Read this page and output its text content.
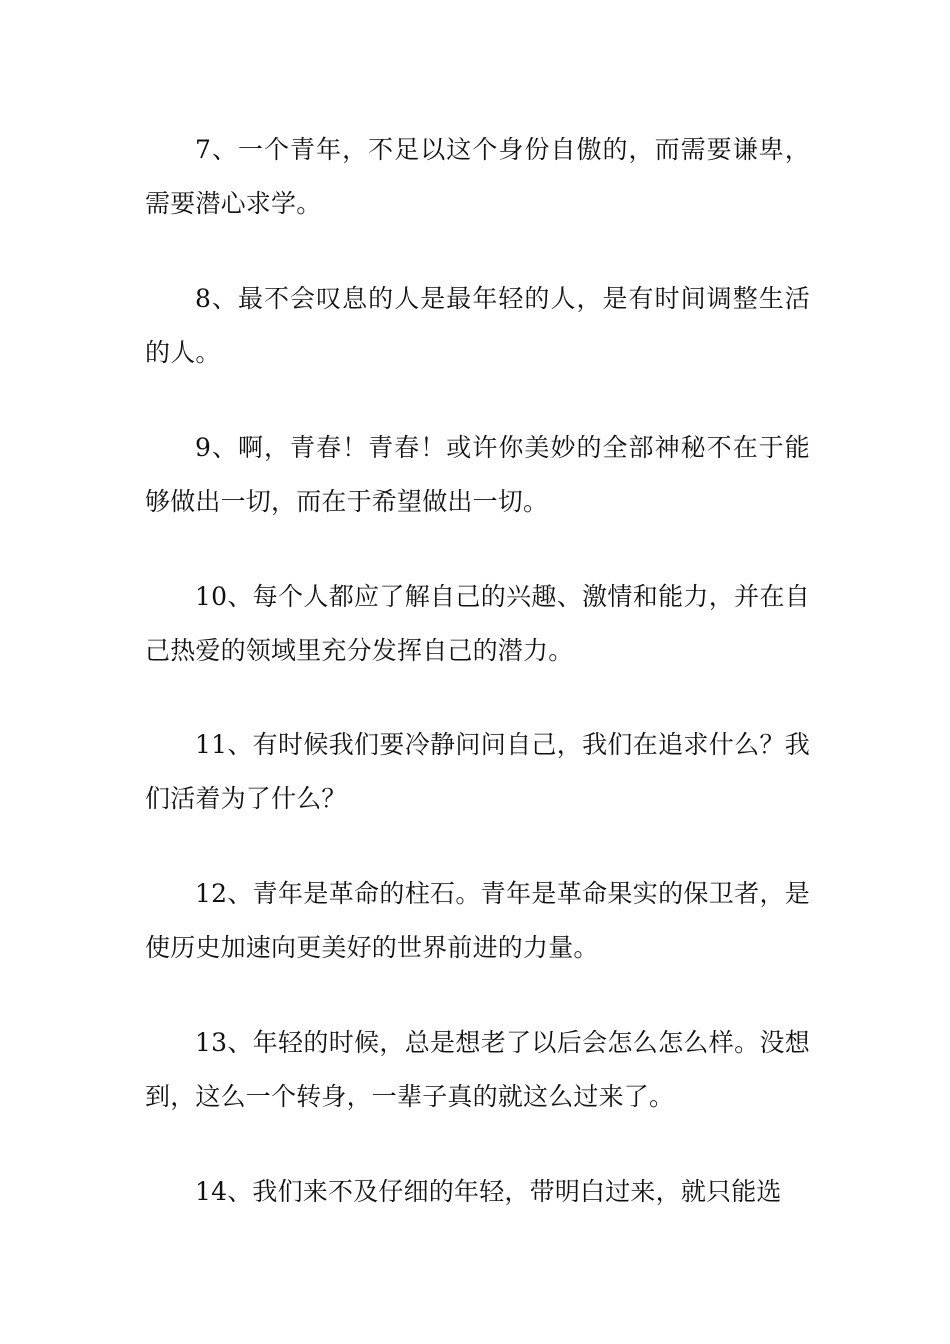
7、一个青年，不足以这个身份自傲的，而需要谦卑，需要潜心求学。

8、最不会叹息的人是最年轻的人，是有时间调整生活的人。

9、啊，青春！青春！或许你美妙的全部神秘不在于能够做出一切，而在于希望做出一切。

10、每个人都应了解自己的兴趣、激情和能力，并在自己热爱的领域里充分发挥自己的潜力。

11、有时候我们要冷静问问自己，我们在追求什么？我们活着为了什么？

12、青年是革命的柱石。青年是革命果实的保卫者，是使历史加速向更美好的世界前进的力量。

13、年轻的时候，总是想老了以后会怎么怎么样。没想到，这么一个转身，一辈子真的就这么过来了。

14、我们来不及仔细的年轻，带明白过来，就只能选
